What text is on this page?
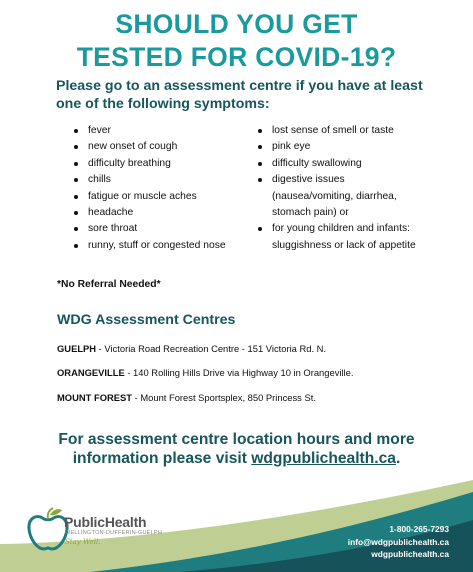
SHOULD YOU GET
TESTED FOR COVID-19?
Please go to an assessment centre if you have at least one of the following symptoms:
fever
new onset of cough
difficulty breathing
chills
fatigue or muscle aches
headache
sore throat
runny, stuff or congested nose
lost sense of smell or taste
pink eye
difficulty swallowing
digestive issues (nausea/vomiting, diarrhea, stomach pain) or
for young children and infants: sluggishness or lack of appetite
*No Referral Needed*
WDG Assessment Centres
GUELPH - Victoria Road Recreation Centre - 151 Victoria Rd. N.
ORANGEVILLE - 140 Rolling Hills Drive via Highway 10 in Orangeville.
MOUNT FOREST - Mount Forest Sportsplex, 850 Princess St.
For assessment centre location hours and more
information please visit wdgpublichealth.ca.
PublicHealth
WELLINGTON-DUFFERIN-GUELPH
Stay Well.
1-800-265-7293
info@wdgpublichealth.ca
wdgpublichealth.ca
